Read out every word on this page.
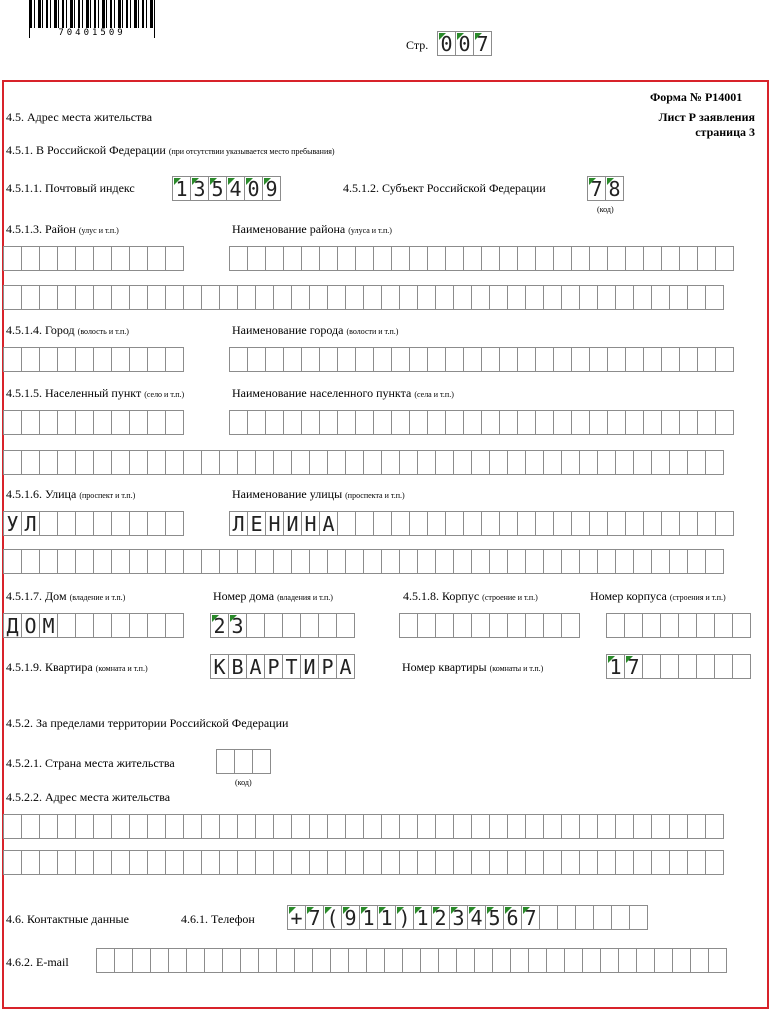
70401509
Стр. 0 0 7
Форма № Р14001
Лист Р заявления
страница 3
4.5. Адрес места жительства
4.5.1. В Российской Федерации (при отсутствии указывается место пребывания)
4.5.1.1. Почтовый индекс 1 3 5 4 0 9	4.5.1.2. Субъект Российской Федерации 7 8
(код)
4.5.1.3. Район (улус и т.п.)	Наименование района (улуса и т.п.)
4.5.1.4. Город (волость и т.п.)	Наименование города (волости и т.п.)
4.5.1.5. Населенный пункт (село и т.п.)	Наименование населенного пункта (села и т.п.)
4.5.1.6. Улица (проспект и т.п.)	Наименование улицы (проспекта и т.п.)
У Л	Л Е Н И Н А
4.5.1.7. Дом (владение и т.п.)	Номер дома (владения и т.п.)	4.5.1.8. Корпус (строение и т.п.)	Номер корпуса (строения и т.п.)
Д О М	2 3
4.5.1.9. Квартира (комната и т.п.)	К В А Р Т И Р А	Номер квартиры (комнаты и т.п.)	1 7
4.5.2. За пределами территории Российской Федерации
4.5.2.1. Страна места жительства
(код)
4.5.2.2. Адрес места жительства
4.6. Контактные данные	4.6.1. Телефон + 7 ( 9 1 1 ) 1 2 3 4 5 6 7
4.6.2. E-mail
